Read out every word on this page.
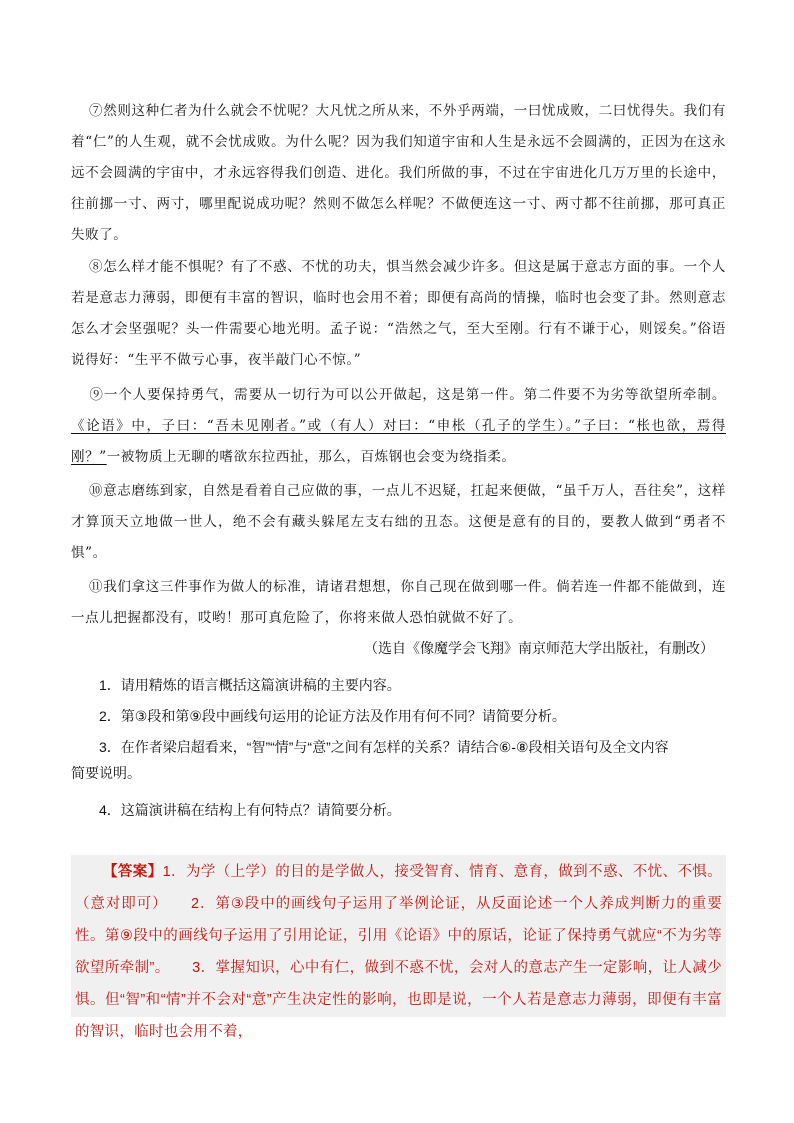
⑦然则这种仁者为什么就会不忧呢？大凡忧之所从来，不外乎两端，一曰忧成败，二曰忧得失。我们有着“仁”的人生观，就不会忧成败。为什么呢？因为我们知道宇宙和人生是永远不会圆满的，正因为在这永远不会圆满的宇宙中，才永远容得我们创造、进化。我们所做的事，不过在宇宙进化几万万里的长途中，往前挪一寸、两寸，哪里配说成功呢？然则不做怎么样呢？不做便连这一寸、两寸都不往前挪，那可真正失败了。

⑧怎么样才能不惧呢？有了不惑、不忧的功夫，惧当然会减少许多。但这是属于意志方面的事。一个人若是意志力薄弱，即便有丰富的智识，临时也会用不着；即便有高尚的情操，临时也会变了卦。然则意志怎么才会坚强呢？头一件需要心地光明。孟子说：“浩然之气，至大至刚。行有不谦于心，则馁矣。”俗语说得好：“生平不做亏心事，夜半敲门心不惊。”

⑨一个人要保持勇气，需要从一切行为可以公开做起，这是第一件。第二件要不为劣等欲望所牵制。《论语》中，子曰：“吾未见刚者。”或（有人）对曰：“申枨（孔子的学生）。”子曰：“枨也欲，焉得刚？”一被物质上无聊的嗜欲东拉西扯，那么，百炼钢也会变为绕指柔。

⑩意志磨练到家，自然是看着自己应做的事，一点儿不迟疑，扛起来便做，“虽千万人，吾往矣”，这样才算顶天立地做一世人，绝不会有藏头躲尾左支右绌的丑态。这便是意有的目的，要教人做到“勇者不惧”。

⑪我们拿这三件事作为做人的标准，请诸君想想，你自己现在做到哪一件。倘若连一件都不能做到，连一点儿把握都没有，哎哟！那可真危险了，你将来做人恐怕就做不好了。

（选自《像魔学会飞翔》南京师范大学出版社，有删改）

1．请用精炼的语言概括这篇演讲稿的主要内容。

2．第③段和第⑨段中画线句运用的论证方法及作用有何不同？请简要分析。

3．在作者梁启超看来，“智”“情”与“意”之间有怎样的关系？请结合⑥-⑧段相关语句及全文内容
简要说明。

4．这篇演讲稿在结构上有何特点？请简要分析。

【答案】1．为学（上学）的目的是学做人，接受智育、情育、意育，做到不惑、不忧、不惧。（意对即可）　　2．第③段中的画线句子运用了举例论证，从反面论述一个人养成判断力的重要性。第⑨段中的画线句子运用了引用论证，引用《论语》中的原话，论证了保持勇气就应“不为劣等欲望所牵制”。　　3．掌握知识，心中有仁，做到不惑不忧，会对人的意志产生一定影响，让人减少惧。但“智”和“情”并不会对“意”产生决定性的影响，也即是说，一个人若是意志力薄弱，即便有丰富的智识，临时也会用不着，
